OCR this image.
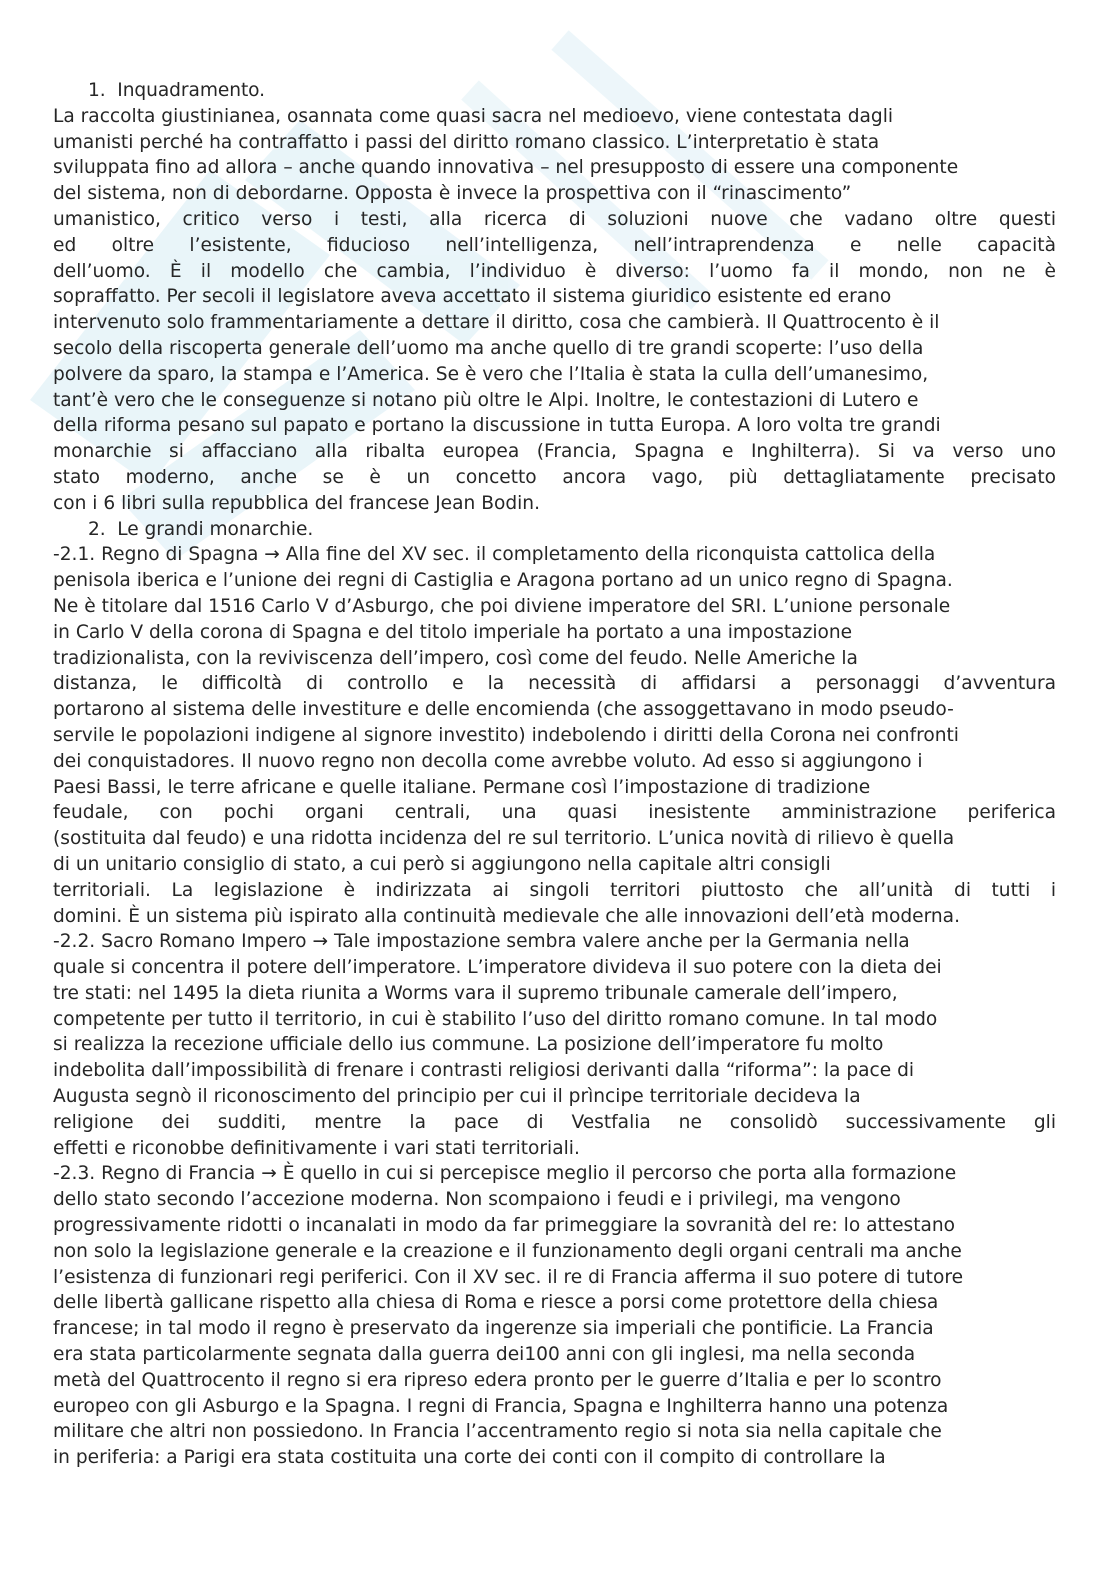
1.  Inquadramento.
La raccolta giustinianea, osannata come quasi sacra nel medioevo, viene contestata dagli
umanisti perché ha contraffatto i passi del diritto romano classico. L’interpretatio è stata
sviluppata fino ad allora – anche quando innovativa – nel presupposto di essere una componente
del sistema, non di debordarne. Opposta è invece la prospettiva con il “rinascimento”
umanistico, critico verso i testi, alla ricerca di soluzioni nuove che vadano oltre questi
ed oltre l’esistente, fiducioso nell’intelligenza, nell’intraprendenza e nelle capacità
dell’uomo. È il modello che cambia, l’individuo è diverso: l’uomo fa il mondo, non ne è
sopraffatto. Per secoli il legislatore aveva accettato il sistema giuridico esistente ed erano
intervenuto solo frammentariamente a dettare il diritto, cosa che cambierà. Il Quattrocento è il
secolo della riscoperta generale dell’uomo ma anche quello di tre grandi scoperte: l’uso della
polvere da sparo, la stampa e l’America. Se è vero che l’Italia è stata la culla dell’umanesimo,
tant’è vero che le conseguenze si notano più oltre le Alpi. Inoltre, le contestazioni di Lutero e
della riforma pesano sul papato e portano la discussione in tutta Europa. A loro volta tre grandi
monarchie si affacciano alla ribalta europea (Francia, Spagna e Inghilterra). Si va verso uno
stato moderno, anche se è un concetto ancora vago, più dettagliatamente precisato
con i 6 libri sulla repubblica del francese Jean Bodin.
2.  Le grandi monarchie.
-2.1. Regno di Spagna → Alla fine del XV sec. il completamento della riconquista cattolica della
penisola iberica e l’unione dei regni di Castiglia e Aragona portano ad un unico regno di Spagna.
Ne è titolare dal 1516 Carlo V d’Asburgo, che poi diviene imperatore del SRI. L’unione personale
in Carlo V della corona di Spagna e del titolo imperiale ha portato a una impostazione
tradizionalista, con la reviviscenza dell’impero, così come del feudo. Nelle Americhe la
distanza, le difficoltà di controllo e la necessità di affidarsi a personaggi d’avventura
portarono al sistema delle investiture e delle encomienda (che assoggettavano in modo pseudo-
servile le popolazioni indigene al signore investito) indebolendo i diritti della Corona nei confronti
dei conquistadores. Il nuovo regno non decolla come avrebbe voluto. Ad esso si aggiungono i
Paesi Bassi, le terre africane e quelle italiane. Permane così l’impostazione di tradizione
feudale, con pochi organi centrali, una quasi inesistente amministrazione periferica
(sostituita dal feudo) e una ridotta incidenza del re sul territorio. L’unica novità di rilievo è quella
di un unitario consiglio di stato, a cui però si aggiungono nella capitale altri consigli
territoriali. La legislazione è indirizzata ai singoli territori piuttosto che all’unità di tutti i
domini. È un sistema più ispirato alla continuità medievale che alle innovazioni dell’età moderna.
-2.2. Sacro Romano Impero → Tale impostazione sembra valere anche per la Germania nella
quale si concentra il potere dell’imperatore. L’imperatore divideva il suo potere con la dieta dei
tre stati: nel 1495 la dieta riunita a Worms vara il supremo tribunale camerale dell’impero,
competente per tutto il territorio, in cui è stabilito l’uso del diritto romano comune. In tal modo
si realizza la recezione ufficiale dello ius commune. La posizione dell’imperatore fu molto
indebolita dall’impossibilità di frenare i contrasti religiosi derivanti dalla “riforma”: la pace di
Augusta segnò il riconoscimento del principio per cui il prìncipe territoriale decideva la
religione dei sudditi, mentre la pace di Vestfalia ne consolidò successivamente gli
effetti e riconobbe definitivamente i vari stati territoriali.
-2.3. Regno di Francia → È quello in cui si percepisce meglio il percorso che porta alla formazione
dello stato secondo l’accezione moderna. Non scompaiono i feudi e i privilegi, ma vengono
progressivamente ridotti o incanalati in modo da far primeggiare la sovranità del re: lo attestano
non solo la legislazione generale e la creazione e il funzionamento degli organi centrali ma anche
l’esistenza di funzionari regi periferici. Con il XV sec. il re di Francia afferma il suo potere di tutore
delle libertà gallicane rispetto alla chiesa di Roma e riesce a porsi come protettore della chiesa
francese; in tal modo il regno è preservato da ingerenze sia imperiali che pontificie. La Francia
era stata particolarmente segnata dalla guerra dei100 anni con gli inglesi, ma nella seconda
metà del Quattrocento il regno si era ripreso edera pronto per le guerre d’Italia e per lo scontro
europeo con gli Asburgo e la Spagna. I regni di Francia, Spagna e Inghilterra hanno una potenza
militare che altri non possiedono. In Francia l’accentramento regio si nota sia nella capitale che
in periferia: a Parigi era stata costituita una corte dei conti con il compito di controllare la
